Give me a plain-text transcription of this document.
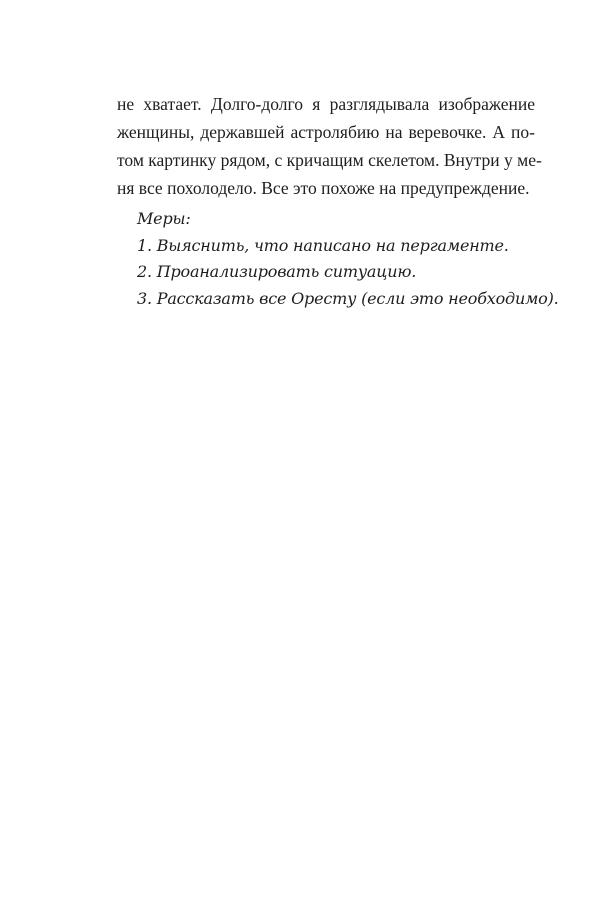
не хватает. Долго-долго я разглядывала изображение
женщины, державшей астролябию на веревочке. А по-
том картинку рядом, с кричащим скелетом. Внутри у ме-
ня все похолодело. Все это похоже на предупреждение.

Меры:
1. Выяснить, что написано на пергаменте.
2. Проанализировать ситуацию.
3. Рассказать все Оресту (если это необходимо).
